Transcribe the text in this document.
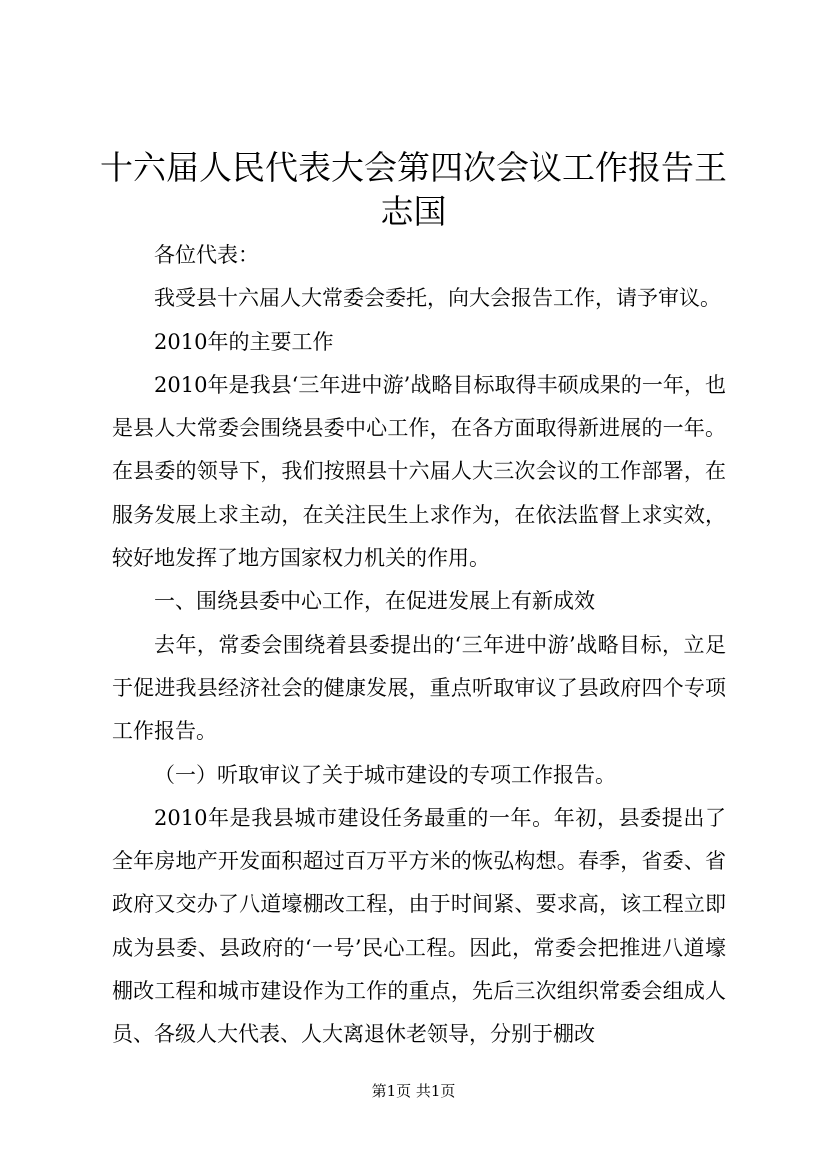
十六届人民代表大会第四次会议工作报告王志国

各位代表：

我受县十六届人大常委会委托，向大会报告工作，请予审议。

2010年的主要工作

2010年是我县‘三年进中游’战略目标取得丰硕成果的一年，也是县人大常委会围绕县委中心工作，在各方面取得新进展的一年。在县委的领导下，我们按照县十六届人大三次会议的工作部署，在服务发展上求主动，在关注民生上求作为，在依法监督上求实效，较好地发挥了地方国家权力机关的作用。

一、围绕县委中心工作，在促进发展上有新成效

去年，常委会围绕着县委提出的‘三年进中游’战略目标，立足于促进我县经济社会的健康发展，重点听取审议了县政府四个专项工作报告。

（一）听取审议了关于城市建设的专项工作报告。

2010年是我县城市建设任务最重的一年。年初，县委提出了全年房地产开发面积超过百万平方米的恢弘构想。春季，省委、省政府又交办了八道壕棚改工程，由于时间紧、要求高，该工程立即成为县委、县政府的‘一号’民心工程。因此，常委会把推进八道壕棚改工程和城市建设作为工作的重点，先后三次组织常委会组成人员、各级人大代表、人大离退休老领导，分别于棚改

第1页 共1页
